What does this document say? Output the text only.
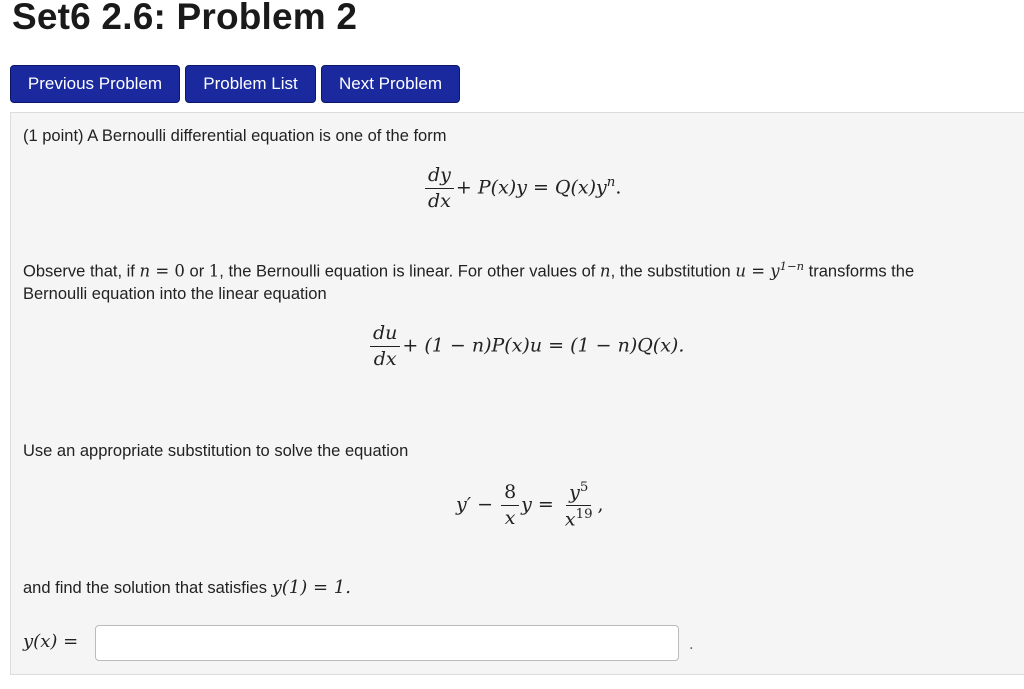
Set6 2.6: Problem 2
Previous Problem	Problem List	Next Problem
(1 point) A Bernoulli differential equation is one of the form
$\frac{dy}{dx} + P(x)y = Q(x)y^n$.
Observe that, if n = 0 or 1, the Bernoulli equation is linear. For other values of n, the substitution $u = y^{1-n}$ transforms the
Bernoulli equation into the linear equation
$\frac{du}{dx} + (1 - n)P(x)u = (1 - n)Q(x)$.
Use an appropriate substitution to solve the equation
$y' - \frac{8}{x}$ $y = \frac{y^5}{x^{19}}$ ,
and find the solution that satisfies y(1) = 1.
y(x) =	.
